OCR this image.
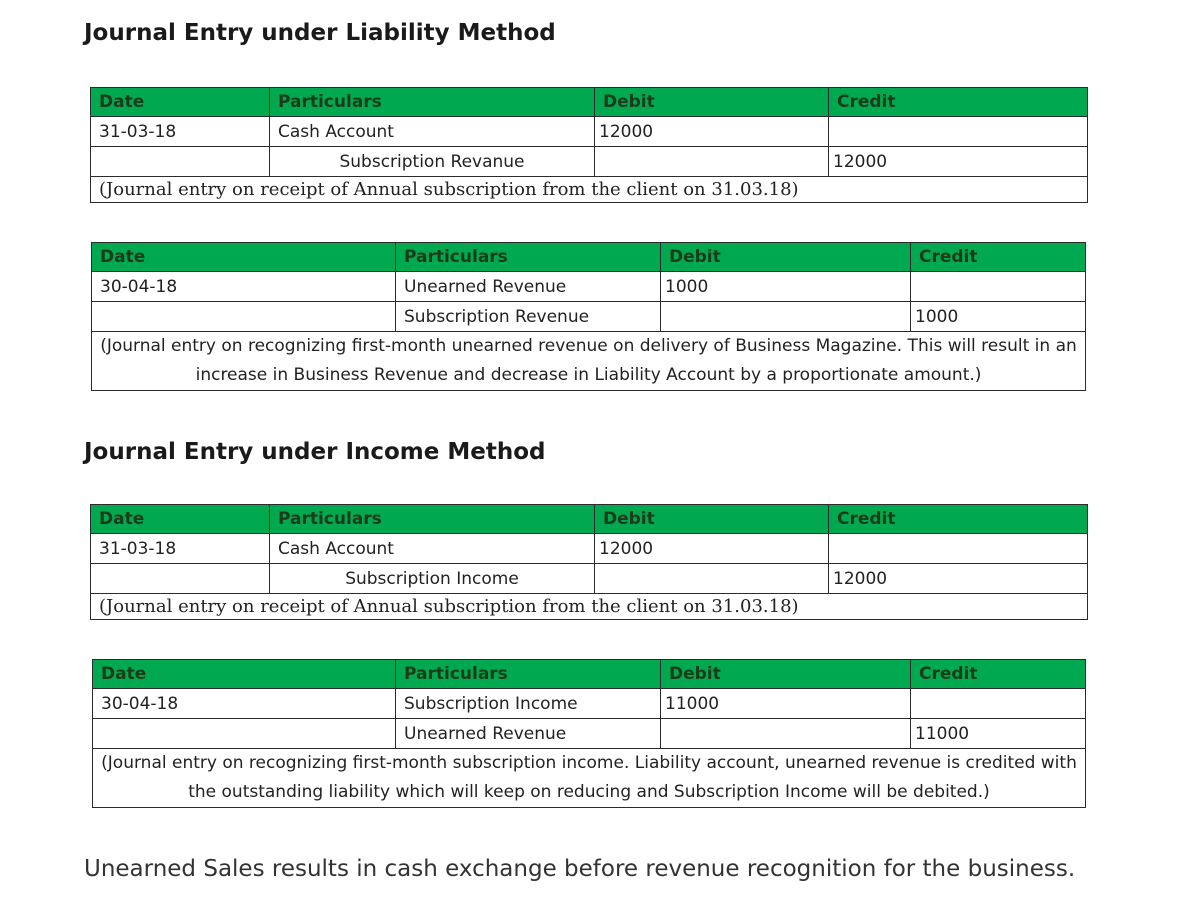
Journal Entry under Liability Method
Date	Particulars	Debit	Credit
31-03-18	Cash Account	12000	
	Subscription Revanue		12000
(Journal entry on receipt of Annual subscription from the client on 31.03.18)			
Date	Particulars	Debit	Credit
30-04-18	Unearned Revenue	1000	
	Subscription Revenue		1000
(Journal entry on recognizing first-month unearned revenue on delivery of Business Magazine. This will result in an increase in Business Revenue and decrease in Liability Account by a proportionate amount.)			
Journal Entry under Income Method
Date	Particulars	Debit	Credit
31-03-18	Cash Account	12000	
	Subscription Income		12000
(Journal entry on receipt of Annual subscription from the client on 31.03.18)			
Date	Particulars	Debit	Credit
30-04-18	Subscription Income	11000	
	Unearned Revenue		11000
(Journal entry on recognizing first-month subscription income. Liability account, unearned revenue is credited with the outstanding liability which will keep on reducing and Subscription Income will be debited.)			

Unearned Sales results in cash exchange before revenue recognition for the business.
